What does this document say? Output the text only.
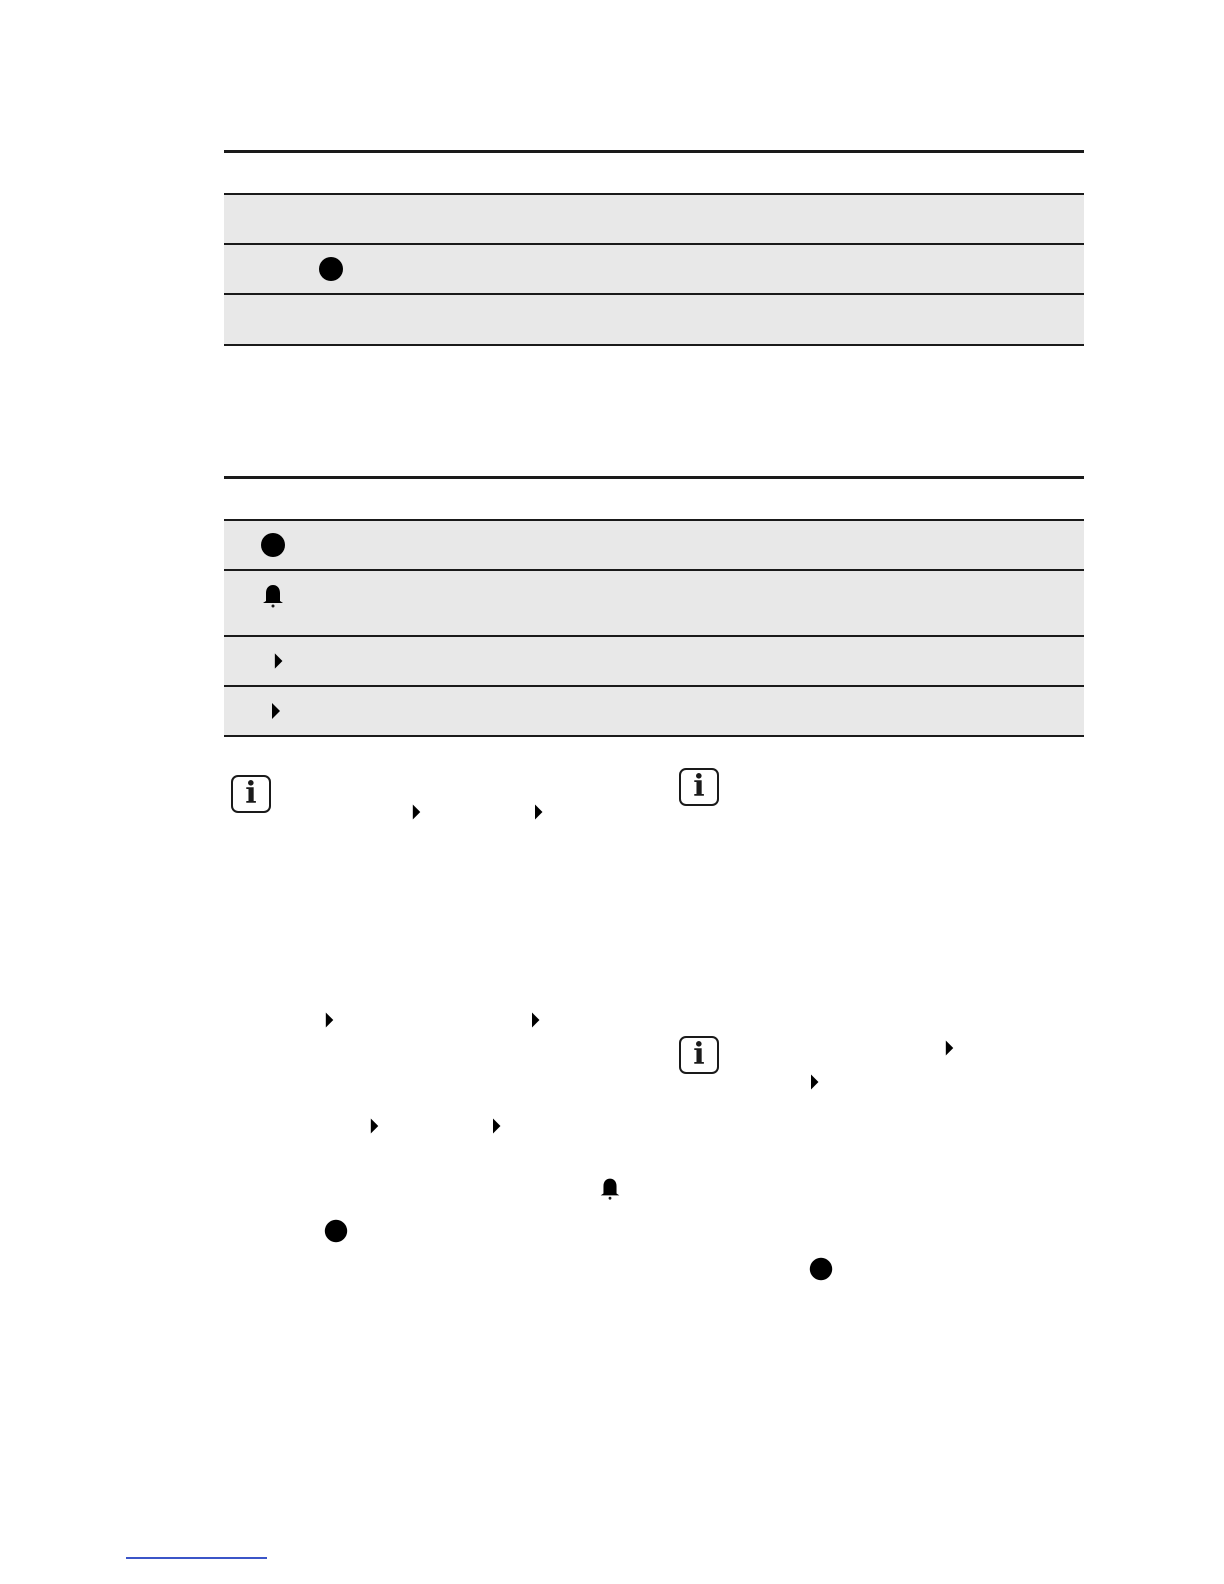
i	i
i
